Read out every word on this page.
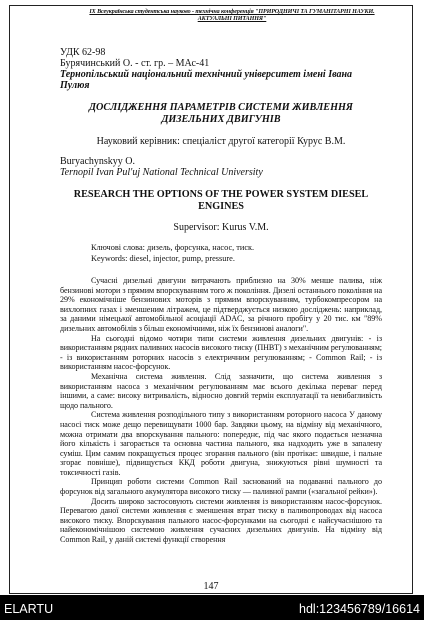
IX Всеукраїнська студентська науково - технічна конференція "ПРИРОДНИЧІ ТА ГУМАНІТАРНІ НАУКИ.
АКТУАЛЬНІ ПИТАННЯ"
УДК 62-98
Бурячинський О. - ст. гр. – МАс-41
Тернопільський національний технічний університет імені Івана Пулюя
ДОСЛІДЖЕННЯ ПАРАМЕТРІВ СИСТЕМИ ЖИВЛЕННЯ ДИЗЕЛЬНИХ ДВИГУНІВ
Науковий керівник: спеціаліст другої категорії Курус В.М.
Buryachynskyy O.
Ternopil Ivan Pul'uj National Technical University
RESEARCH THE OPTIONS OF THE POWER SYSTEM DIESEL ENGINES
Supervisor: Kurus V.M.
Ключові слова: дизель, форсунка, насос, тиск.
Keywords: diesel, injector, pump, pressure.

Сучасні дизельні двигуни витрачають приблизно на 30% менше палива, ніж бензинові мотори з прямим впорскуванням того ж покоління. Дизелі останнього покоління на 29% економічніше бензинових моторів з прямим впорскуванням, турбокомпресором на вихлопних газах і зменшеним літражем, це підтверджується низкою досліджень: наприклад, за даними німецької автомобільної асоціації ADAC, за річного пробігу у 20 тис. км "89% дизельних автомобілів з більш економічними, ніж їх бензинові аналоги".

На сьогодні відомо чотири типи системи живлення дизельних двигунів: - із використанням рядних паливних насосів високого тиску (ПНВТ) з механічним регулюванням; - із використанням роторних насосів з електричним регулюванням; - Common Rail; - із використанням насос-форсунок.

Механічна система живлення. Слід зазначити, що система живлення з використанням насоса з механічним регулюванням має всього декілька переваг перед іншими, а саме: високу витривалість, відносно довгий термін експлуатації та невибагливість щодо пального.

Система живлення розподільного типу з використанням роторного насоса У даному насосі тиск може дещо перевищувати 1000 бар. Завдяки цьому, на відміну від механічного, можна отримати два впорскування пального: попереднє, під час якого подається незначна його кількість і загорається та основна частина пального, яка надходить уже в запалену суміш. Цим самим покращується процес згорання пального (він протікає: швидше, і пальне згорає повніше), підвищується ККД роботи двигуна, знижуються рівні шумності та токсичності газів.

Принцип роботи системи Common Rail заснований на подаванні пального до форсунок від загального акумулятора високого тиску — паливної рампи («загальної рейки»).

Досить широко застосовують системи живлення із використанням насос-форсунок. Перевагою даної системи живлення є зменшення втрат тиску в паливопроводах від насоса високого тиску. Впорскування пального насос-форсунками на сьогодні є найсучаснішою та найекономічнішою системою живлення сучасних дизельних двигунів. На відміну від Common Rail, у даній системі функції створення

147
ELARTU	hdl:123456789/16614
